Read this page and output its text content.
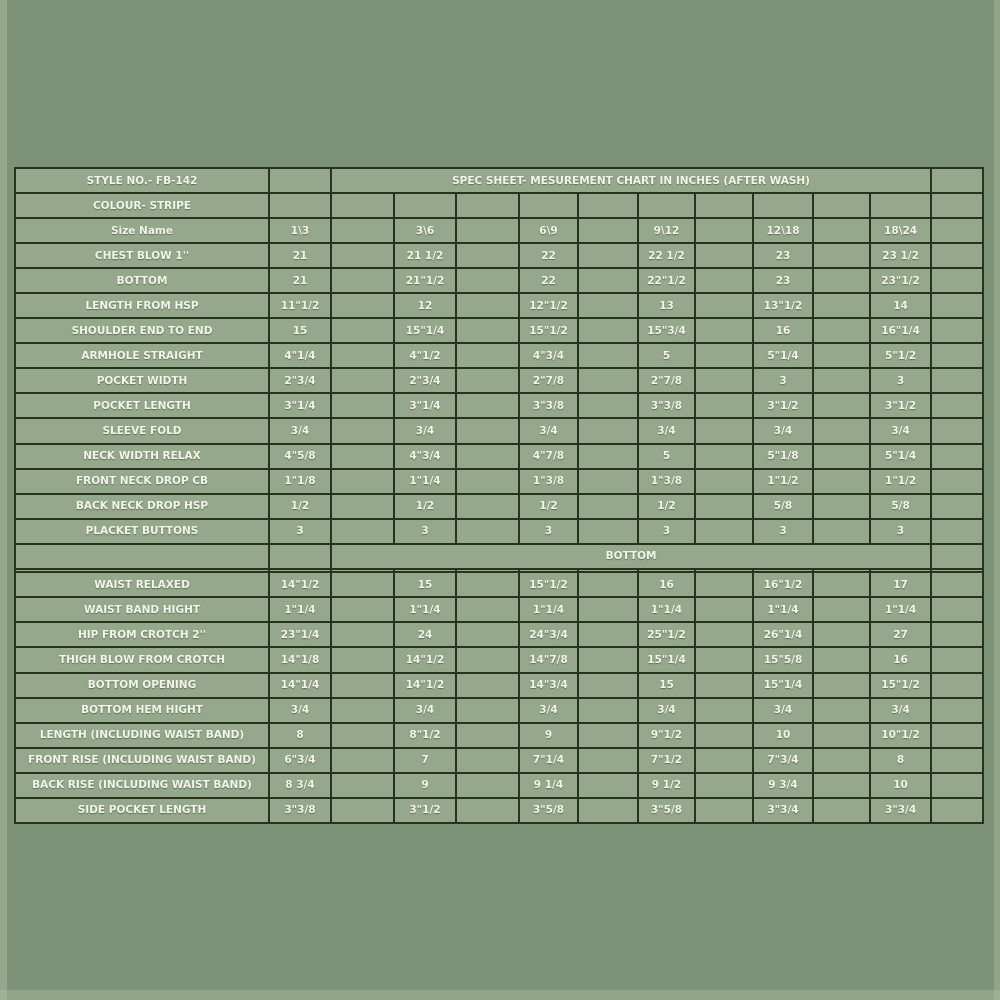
STYLE NO.- FB-142		SPEC SHEET- MESUREMENT CHART IN INCHES (AFTER WASH)										
COLOUR- STRIPE												
Size Name	1\3		3\6		6\9		9\12		12\18		18\24	
CHEST BLOW 1''	21		21 1/2		22		22 1/2		23		23 1/2	
BOTTOM	21		21"1/2		22		22"1/2		23		23"1/2	
LENGTH FROM HSP	11"1/2		12		12"1/2		13		13"1/2		14	
SHOULDER END TO END	15		15"1/4		15"1/2		15"3/4		16		16"1/4	
ARMHOLE STRAIGHT	4"1/4		4"1/2		4"3/4		5		5"1/4		5"1/2	
POCKET WIDTH	2"3/4		2"3/4		2"7/8		2"7/8		3		3	
POCKET LENGTH	3"1/4		3"1/4		3"3/8		3"3/8		3"1/2		3"1/2	
SLEEVE FOLD	3/4		3/4		3/4		3/4		3/4		3/4	
NECK WIDTH RELAX	4"5/8		4"3/4		4"7/8		5		5"1/8		5"1/4	
FRONT NECK DROP CB	1"1/8		1"1/4		1"3/8		1"3/8		1"1/2		1"1/2	
BACK NECK DROP HSP	1/2		1/2		1/2		1/2		5/8		5/8	
PLACKET BUTTONS	3		3		3		3		3		3	
		BOTTOM										

WAIST RELAXED	14"1/2		15		15"1/2		16		16"1/2		17	
WAIST BAND HIGHT	1"1/4		1"1/4		1"1/4		1"1/4		1"1/4		1"1/4	
HIP FROM CROTCH 2''	23"1/4		24		24"3/4		25"1/2		26"1/4		27	
THIGH BLOW FROM CROTCH	14"1/8		14"1/2		14"7/8		15"1/4		15"5/8		16	
BOTTOM OPENING	14"1/4		14"1/2		14"3/4		15		15"1/4		15"1/2	
BOTTOM HEM HIGHT	3/4		3/4		3/4		3/4		3/4		3/4	
LENGTH (INCLUDING WAIST BAND)	8		8"1/2		9		9"1/2		10		10"1/2	
FRONT RISE (INCLUDING WAIST BAND)	6"3/4		7		7"1/4		7"1/2		7"3/4		8	
BACK RISE (INCLUDING WAIST BAND)	8 3/4		9		9 1/4		9 1/2		9 3/4		10	
SIDE POCKET LENGTH	3"3/8		3"1/2		3"5/8		3"5/8		3"3/4		3"3/4	
